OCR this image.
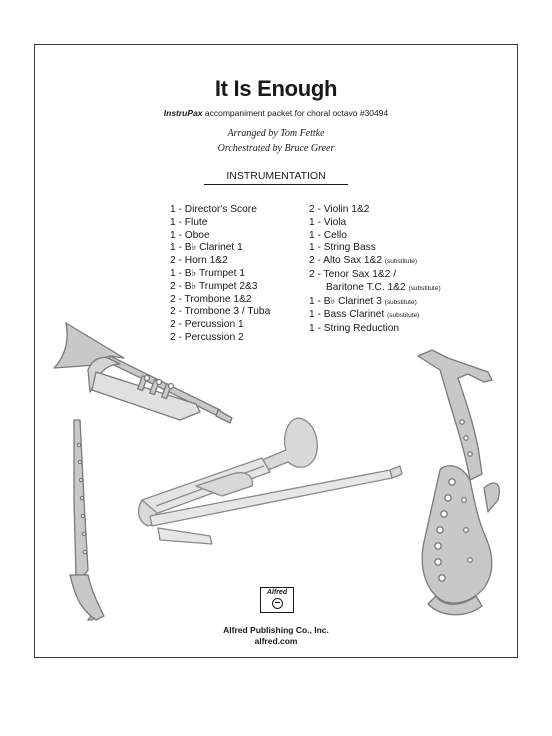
It Is Enough
InstruPax accompaniment packet for choral octavo #30494
Arranged by Tom Fettke
Orchestrated by Bruce Greer
INSTRUMENTATION
1 - Director's Score
1 - Flute
1 - Oboe
1 - B♭ Clarinet 1
2 - Horn 1&2
1 - B♭ Trumpet 1
2 - B♭ Trumpet 2&3
2 - Trombone 1&2
2 - Trombone 3 / Tuba
2 - Percussion 1
2 - Percussion 2
2 - Violin 1&2
1 - Viola
1 - Cello
1 - String Bass
2 - Alto Sax 1&2 (substitute)
2 - Tenor Sax 1&2 /
Baritone T.C. 1&2 (substitute)
1 - B♭ Clarinet 3 (substitute)
1 - Bass Clarinet (substitute)
1 - String Reduction
Alfred
Alfred Publishing Co., Inc.
alfred.com
